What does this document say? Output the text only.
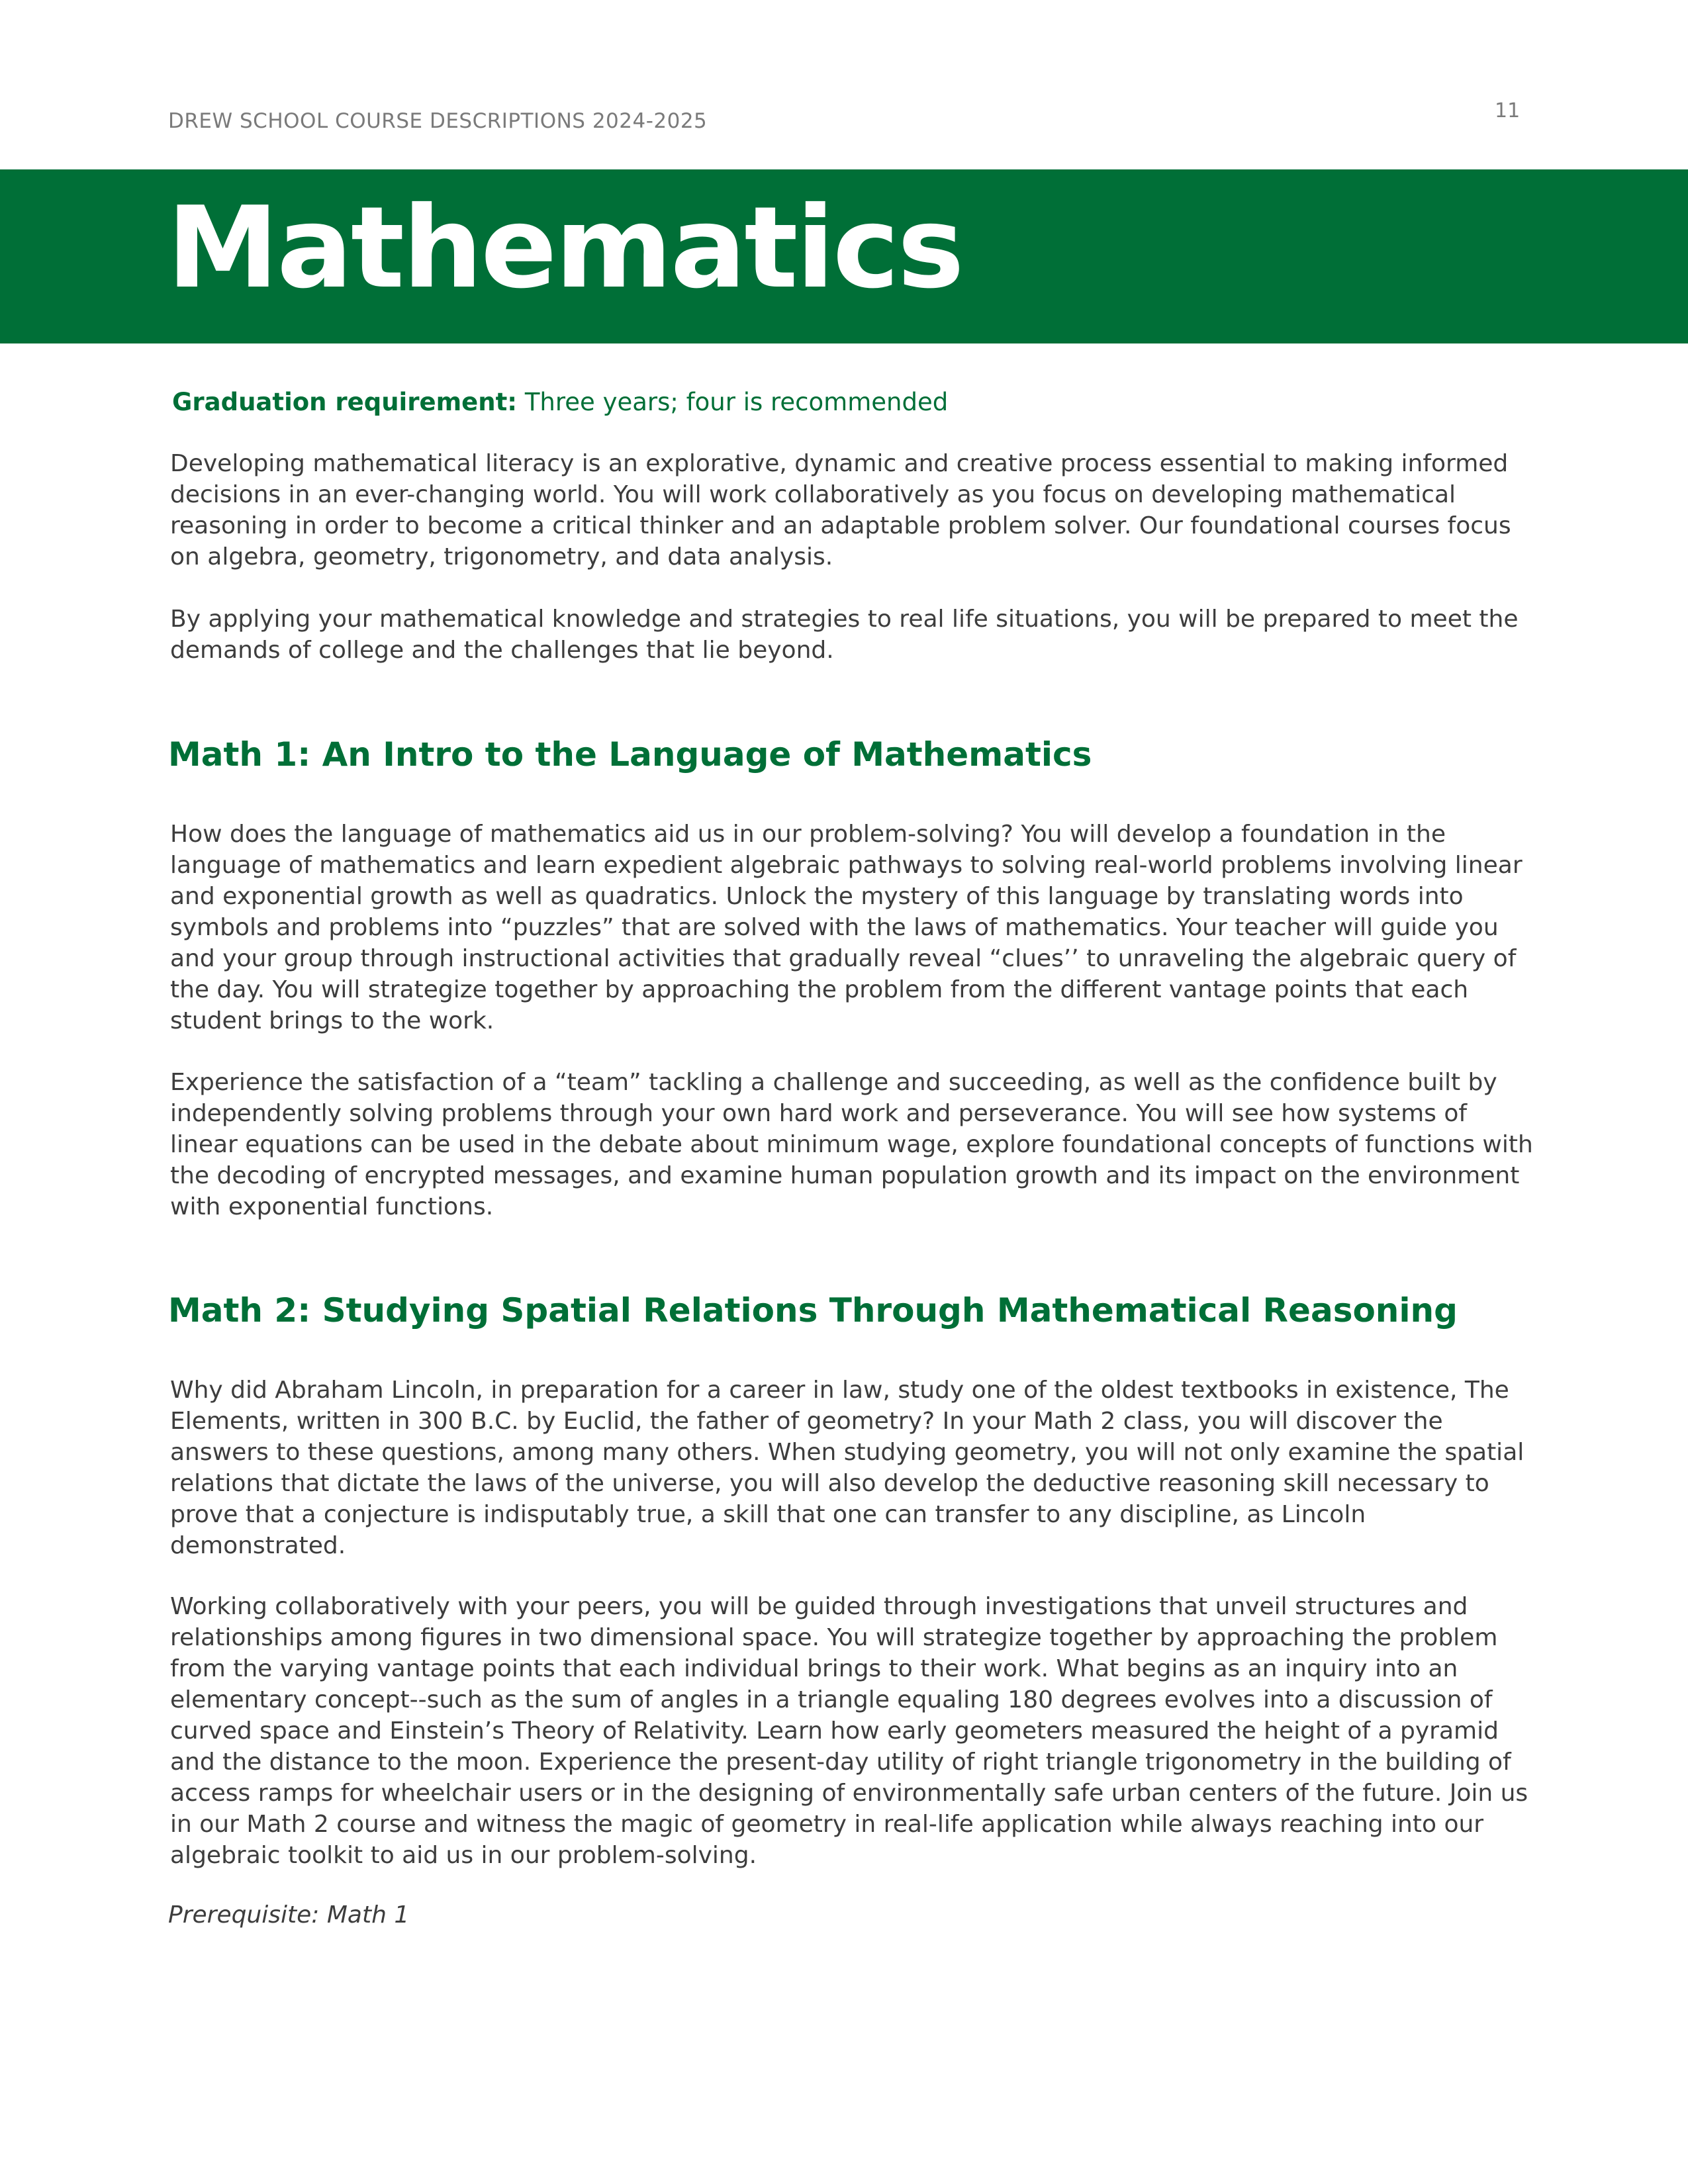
DREW SCHOOL COURSE DESCRIPTIONS 2024-2025	11
Mathematics
Graduation requirement: Three years; four is recommended

Developing mathematical literacy is an explorative, dynamic and creative process essential to making informed decisions in an ever-changing world. You will work collaboratively as you focus on developing mathematical reasoning in order to become a critical thinker and an adaptable problem solver. Our foundational courses focus on algebra, geometry, trigonometry, and data analysis.

By applying your mathematical knowledge and strategies to real life situations, you will be prepared to meet the demands of college and the challenges that lie beyond.

Math 1: An Intro to the Language of Mathematics

How does the language of mathematics aid us in our problem-solving? You will develop a foundation in the language of mathematics and learn expedient algebraic pathways to solving real-world problems involving linear and exponential growth as well as quadratics. Unlock the mystery of this language by translating words into symbols and problems into “puzzles” that are solved with the laws of mathematics. Your teacher will guide you and your group through instructional activities that gradually reveal “clues’’ to unraveling the algebraic query of the day. You will strategize together by approaching the problem from the different vantage points that each student brings to the work.

Experience the satisfaction of a “team” tackling a challenge and succeeding, as well as the confidence built by independently solving problems through your own hard work and perseverance. You will see how systems of linear equations can be used in the debate about minimum wage, explore foundational concepts of functions with the decoding of encrypted messages, and examine human population growth and its impact on the environment with exponential functions.

Math 2: Studying Spatial Relations Through Mathematical Reasoning

Why did Abraham Lincoln, in preparation for a career in law, study one of the oldest textbooks in existence, The Elements, written in 300 B.C. by Euclid, the father of geometry? In your Math 2 class, you will discover the answers to these questions, among many others. When studying geometry, you will not only examine the spatial relations that dictate the laws of the universe, you will also develop the deductive reasoning skill necessary to prove that a conjecture is indisputably true, a skill that one can transfer to any discipline, as Lincoln demonstrated.

Working collaboratively with your peers, you will be guided through investigations that unveil structures and relationships among figures in two dimensional space. You will strategize together by approaching the problem from the varying vantage points that each individual brings to their work. What begins as an inquiry into an elementary concept--such as the sum of angles in a triangle equaling 180 degrees evolves into a discussion of curved space and Einstein’s Theory of Relativity. Learn how early geometers measured the height of a pyramid and the distance to the moon. Experience the present-day utility of right triangle trigonometry in the building of access ramps for wheelchair users or in the designing of environmentally safe urban centers of the future. Join us in our Math 2 course and witness the magic of geometry in real-life application while always reaching into our algebraic toolkit to aid us in our problem-solving.

Prerequisite: Math 1
